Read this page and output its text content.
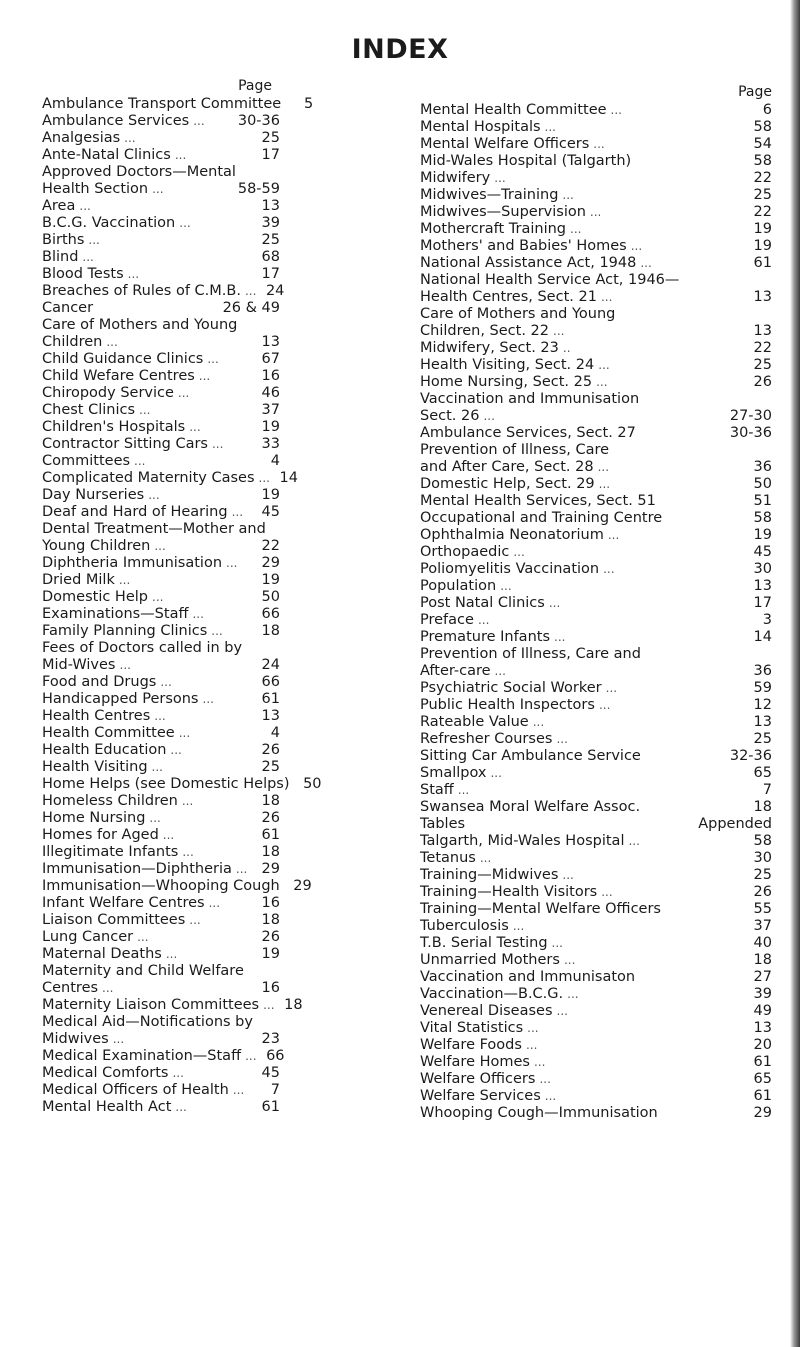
INDEX
Page
Ambulance Transport Committee	5
Ambulance Services ...	30-36
Analgesias ...	25
Ante-Natal Clinics ...	17
Approved Doctors—Mental
Health Section ...	58-59
Area ...	13
B.C.G. Vaccination ...	39
Births ...	25
Blind ...	68
Blood Tests ...	17
Breaches of Rules of C.M.B. ... 24
Cancer	26 & 49
Care of Mothers and Young
Children ...	13
Child Guidance Clinics ...	67
Child Wefare Centres ...	16
Chiropody Service ...	46
Chest Clinics ...	37
Children's Hospitals ...	19
Contractor Sitting Cars ...	33
Committees ...	4
Complicated Maternity Cases ... 14
Day Nurseries ...	19
Deaf and Hard of Hearing ...	45
Dental Treatment—Mother and
Young Children ...	22
Diphtheria Immunisation ...	29
Dried Milk ...	19
Domestic Help ...	50
Examinations—Staff ...	66
Family Planning Clinics ...	18
Fees of Doctors called in by
Mid-Wives ...	24
Food and Drugs ...	66
Handicapped Persons ...	61
Health Centres ...	13
Health Committee ...	4
Health Education ...	26
Health Visiting ...	25
Home Helps (see Domestic Helps) 50
Homeless Children ...	18
Home Nursing ...	26
Homes for Aged ...	61
Illegitimate Infants ...	18
Immunisation—Diphtheria ... 29
Immunisation—Whooping Cough 29
Infant Welfare Centres ...	16
Liaison Committees ...	18
Lung Cancer ...	26
Maternal Deaths ...	19
Maternity and Child Welfare
Centres ...	16
Maternity Liaison Committees ... 18
Medical Aid—Notifications by
Midwives ...	23
Medical Examination—Staff ... 66
Medical Comforts ...	45
Medical Officers of Health ...	7
Mental Health Act ...	61
Page
Mental Health Committee ...	6
Mental Hospitals ...	58
Mental Welfare Officers ...	54
Mid-Wales Hospital (Talgarth)	58
Midwifery ...	22
Midwives—Training ...	25
Midwives—Supervision ...	22
Mothercraft Training ...	19
Mothers' and Babies' Homes ...	19
National Assistance Act, 1948 ...	61
National Health Service Act, 1946—
Health Centres, Sect. 21 ...	13
Care of Mothers and Young
Children, Sect. 22 ...	13
Midwifery, Sect. 23 ..	22
Health Visiting, Sect. 24 ...	25
Home Nursing, Sect. 25 ...	26
Vaccination and Immunisation
Sect. 26 ...	27-30
Ambulance Services, Sect. 27	30-36
Prevention of Illness, Care
and After Care, Sect. 28 ...	36
Domestic Help, Sect. 29 ...	50
Mental Health Services, Sect. 51	51
Occupational and Training Centre	58
Ophthalmia Neonatorium ...	19
Orthopaedic ...	45
Poliomyelitis Vaccination ...	30
Population ...	13
Post Natal Clinics ...	17
Preface ...	3
Premature Infants ...	14
Prevention of Illness, Care and
After-care ...	36
Psychiatric Social Worker ...	59
Public Health Inspectors ...	12
Rateable Value ...	13
Refresher Courses ...	25
Sitting Car Ambulance Service	32-36
Smallpox ...	65
Staff ...	7
Swansea Moral Welfare Assoc.	18
Tables	Appended
Talgarth, Mid-Wales Hospital ...	58
Tetanus ...	30
Training—Midwives ...	25
Training—Health Visitors ...	26
Training—Mental Welfare Officers	55
Tuberculosis ...	37
T.B. Serial Testing ...	40
Unmarried Mothers ...	18
Vaccination and Immunisaton	27
Vaccination—B.C.G. ...	39
Venereal Diseases ...	49
Vital Statistics ...	13
Welfare Foods ...	20
Welfare Homes ...	61
Welfare Officers ...	65
Welfare Services ...	61
Whooping Cough—Immunisation	29
